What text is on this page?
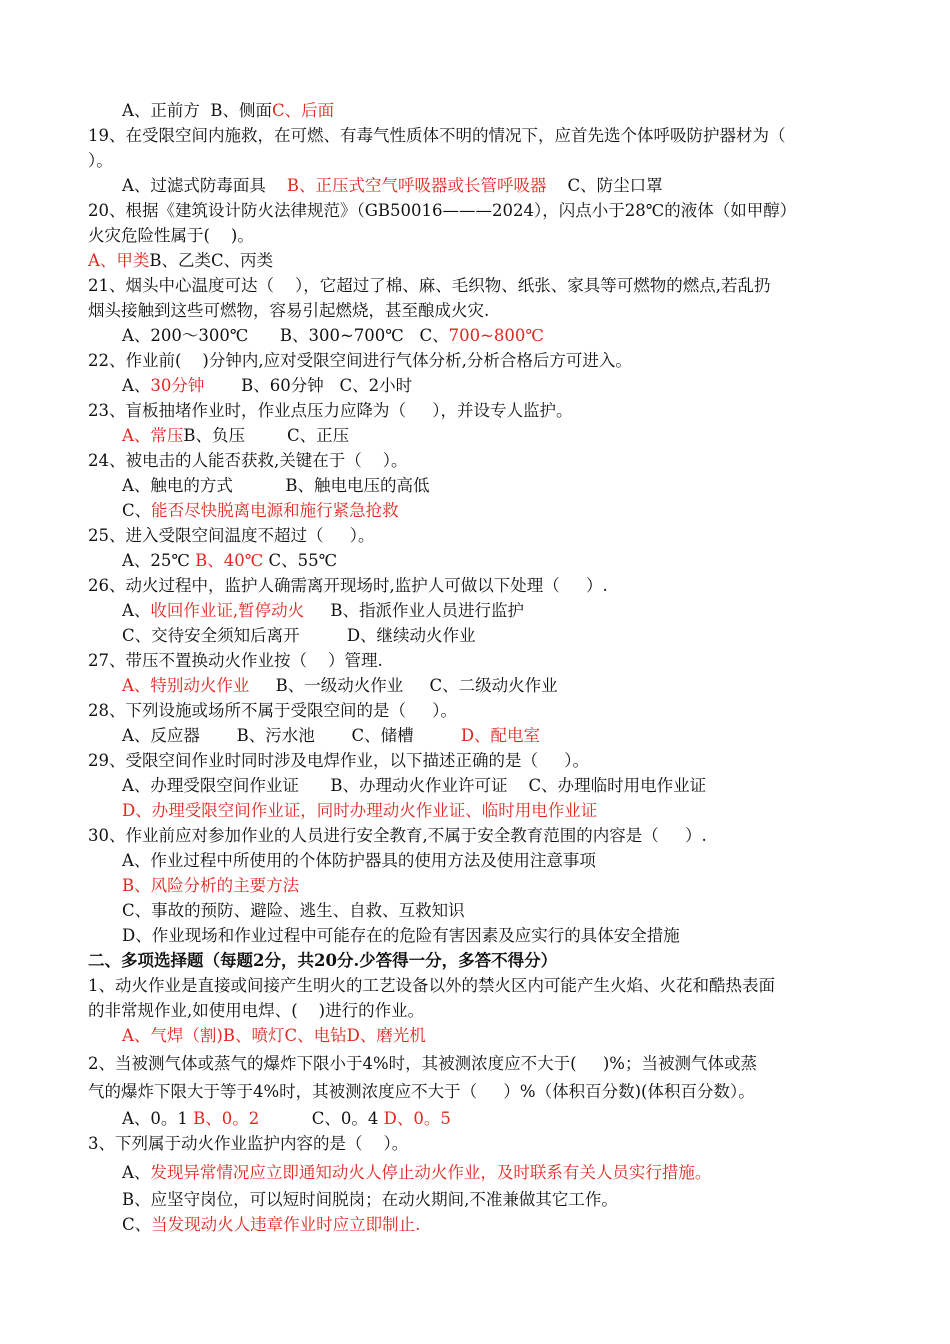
A、正前方  B、侧面C、后面
19、在受限空间内施救，在可燃、有毒气性质体不明的情况下，应首先选个体呼吸防护器材为（
）。
A、过滤式防毒面具    B、正压式空气呼吸器或长管呼吸器    C、防尘口罩
20、根据《建筑设计防火法律规范》（GB50016———2024），闪点小于28℃的液体（如甲醇）
火灾危险性属于(    )。
A、甲类B、乙类C、丙类
21、烟头中心温度可达（    ），它超过了棉、麻、毛织物、纸张、家具等可燃物的燃点,若乱扔
烟头接触到这些可燃物，容易引起燃烧，甚至酿成火灾.
A、200～300℃      B、300~700℃   C、700~800℃
22、作业前(    )分钟内,应对受限空间进行气体分析,分析合格后方可进入。
A、30分钟       B、60分钟   C、2小时
23、盲板抽堵作业时，作业点压力应降为（     ），并设专人监护。
A、常压B、负压        C、正压
24、被电击的人能否获救,关键在于（    ）。
A、触电的方式          B、触电电压的高低
C、能否尽快脱离电源和施行紧急抢救
25、进入受限空间温度不超过（     ）。
A、25℃ B、40℃ C、55℃
26、动火过程中，监护人确需离开现场时,监护人可做以下处理（     ）.
A、收回作业证,暂停动火     B、指派作业人员进行监护
C、交待安全须知后离开         D、继续动火作业
27、带压不置换动火作业按（    ）管理.
A、特别动火作业     B、一级动火作业     C、二级动火作业
28、下列设施或场所不属于受限空间的是（     ）。
A、反应器       B、污水池       C、储槽         D、配电室
29、受限空间作业时同时涉及电焊作业，以下描述正确的是（     ）。
A、办理受限空间作业证      B、办理动火作业许可证    C、办理临时用电作业证
D、办理受限空间作业证，同时办理动火作业证、临时用电作业证
30、作业前应对参加作业的人员进行安全教育,不属于安全教育范围的内容是（     ）.
A、作业过程中所使用的个体防护器具的使用方法及使用注意事项
B、风险分析的主要方法
C、事故的预防、避险、逃生、自救、互救知识
D、作业现场和作业过程中可能存在的危险有害因素及应实行的具体安全措施
二、多项选择题（每题2分，共20分.少答得一分，多答不得分）
1、动火作业是直接或间接产生明火的工艺设备以外的禁火区内可能产生火焰、火花和酷热表面
的非常规作业,如使用电焊、(    )进行的作业。
A、气焊（割)B、喷灯C、电钻D、磨光机
2、当被测气体或蒸气的爆炸下限小于4%时，其被测浓度应不大于(     )%；当被测气体或蒸
气的爆炸下限大于等于4%时，其被测浓度应不大于（     ）%（体积百分数)(体积百分数）。
A、0。1 B、0。2          C、0。4 D、0。5
3、下列属于动火作业监护内容的是（    ）。
A、发现异常情况应立即通知动火人停止动火作业，及时联系有关人员实行措施。
B、应坚守岗位，可以短时间脱岗；在动火期间,不准兼做其它工作。
C、当发现动火人违章作业时应立即制止.
